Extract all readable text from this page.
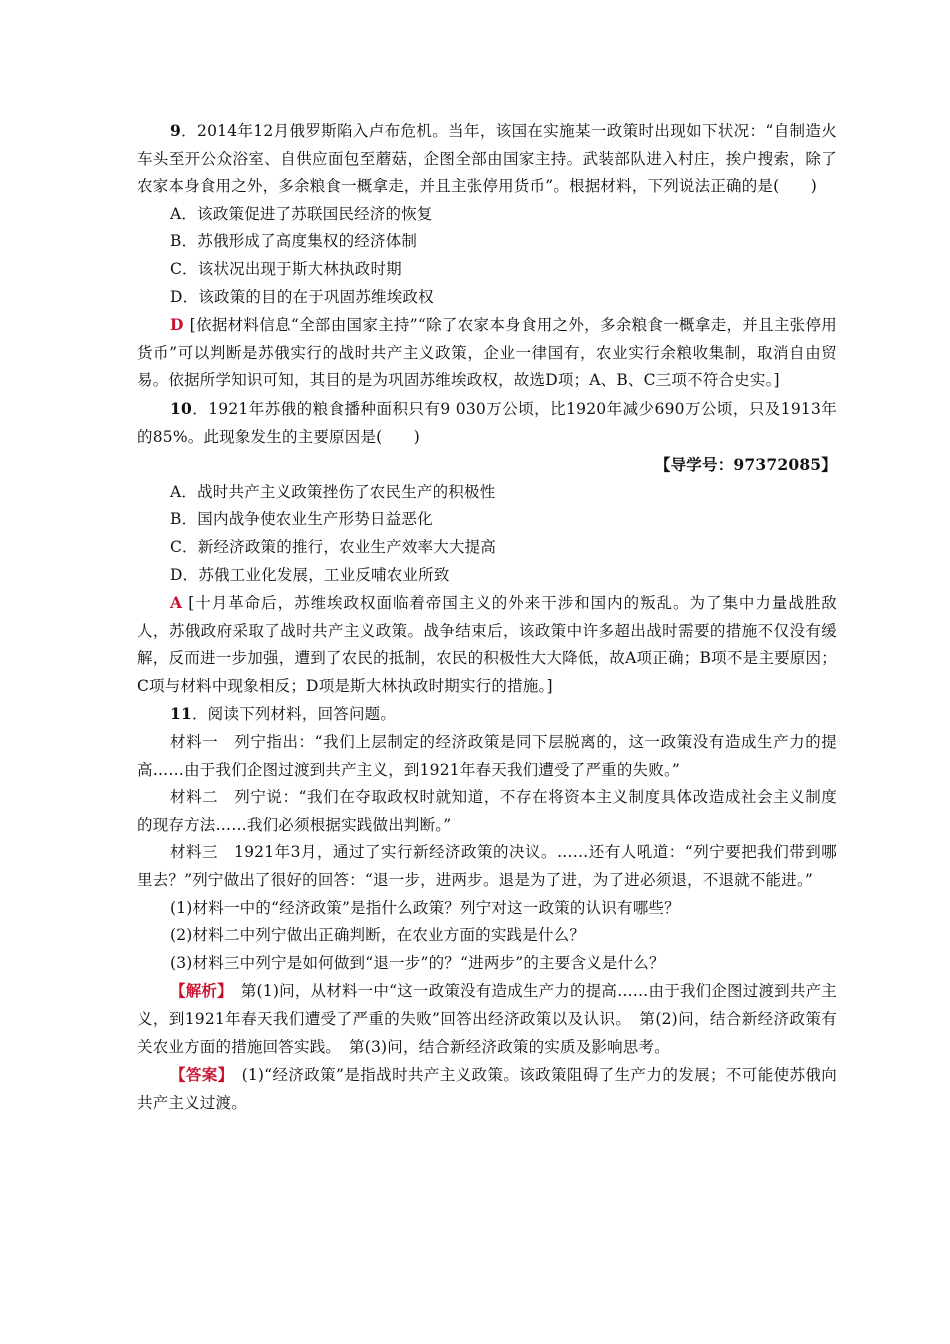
9．2014年12月俄罗斯陷入卢布危机。当年，该国在实施某一政策时出现如下状况：“自制造火车头至开公众浴室、自供应面包至蘑菇，企图全部由国家主持。武装部队进入村庄，挨户搜索，除了农家本身食用之外，多余粮食一概拿走，并且主张停用货币”。根据材料，下列说法正确的是(　　)

A．该政策促进了苏联国民经济的恢复

B．苏俄形成了高度集权的经济体制

C．该状况出现于斯大林执政时期

D．该政策的目的在于巩固苏维埃政权

D [依据材料信息“全部由国家主持”“除了农家本身食用之外，多余粮食一概拿走，并且主张停用货币”可以判断是苏俄实行的战时共产主义政策，企业一律国有，农业实行余粮收集制，取消自由贸易。依据所学知识可知，其目的是为巩固苏维埃政权，故选D项；A、B、C三项不符合史实。]

10．1921年苏俄的粮食播种面积只有9 030万公顷，比1920年减少690万公顷，只及1913年的85%。此现象发生的主要原因是(　　)

【导学号：97372085】

A．战时共产主义政策挫伤了农民生产的积极性

B．国内战争使农业生产形势日益恶化

C．新经济政策的推行，农业生产效率大大提高

D．苏俄工业化发展，工业反哺农业所致

A [十月革命后，苏维埃政权面临着帝国主义的外来干涉和国内的叛乱。为了集中力量战胜敌人，苏俄政府采取了战时共产主义政策。战争结束后，该政策中许多超出战时需要的措施不仅没有缓解，反而进一步加强，遭到了农民的抵制，农民的积极性大大降低，故A项正确；B项不是主要原因；C项与材料中现象相反；D项是斯大林执政时期实行的措施。]

11．阅读下列材料，回答问题。

材料一　列宁指出：“我们上层制定的经济政策是同下层脱离的，这一政策没有造成生产力的提高……由于我们企图过渡到共产主义，到1921年春天我们遭受了严重的失败。”

材料二　列宁说：“我们在夺取政权时就知道，不存在将资本主义制度具体改造成社会主义制度的现存方法……我们必须根据实践做出判断。”

材料三　1921年3月，通过了实行新经济政策的决议。……还有人吼道：“列宁要把我们带到哪里去？”列宁做出了很好的回答：“退一步，进两步。退是为了进，为了进必须退，不退就不能进。”

(1)材料一中的“经济政策”是指什么政策？列宁对这一政策的认识有哪些？

(2)材料二中列宁做出正确判断，在农业方面的实践是什么？

(3)材料三中列宁是如何做到“退一步”的？“进两步”的主要含义是什么？

【解析】 第(1)问，从材料一中“这一政策没有造成生产力的提高……由于我们企图过渡到共产主义，到1921年春天我们遭受了严重的失败”回答出经济政策以及认识。　第(2)问，结合新经济政策有关农业方面的措施回答实践。　第(3)问，结合新经济政策的实质及影响思考。

【答案】 (1)“经济政策”是指战时共产主义政策。该政策阻碍了生产力的发展；不可能使苏俄向共产主义过渡。
